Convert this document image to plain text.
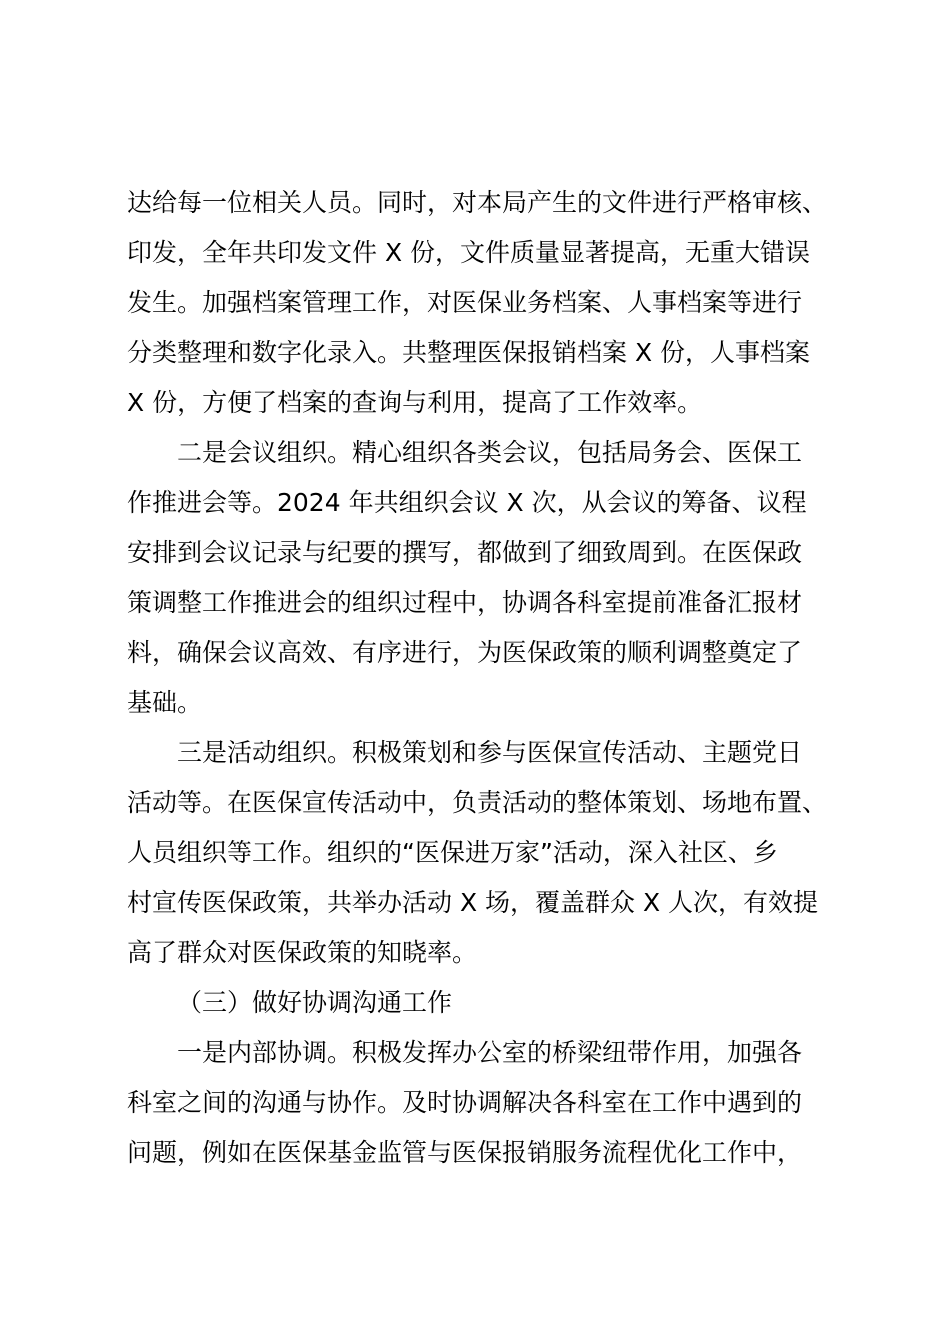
达给每一位相关人员。同时，对本局产生的文件进行严格审核、
印发，全年共印发文件 X 份，文件质量显著提高，无重大错误
发生。加强档案管理工作，对医保业务档案、人事档案等进行
分类整理和数字化录入。共整理医保报销档案 X 份，人事档案
X 份，方便了档案的查询与利用，提高了工作效率。
二是会议组织。精心组织各类会议，包括局务会、医保工
作推进会等。2024 年共组织会议 X 次，从会议的筹备、议程
安排到会议记录与纪要的撰写，都做到了细致周到。在医保政
策调整工作推进会的组织过程中，协调各科室提前准备汇报材
料，确保会议高效、有序进行，为医保政策的顺利调整奠定了
基础。
三是活动组织。积极策划和参与医保宣传活动、主题党日
活动等。在医保宣传活动中，负责活动的整体策划、场地布置、
人员组织等工作。组织的“医保进万家”活动，深入社区、乡
村宣传医保政策，共举办活动 X 场，覆盖群众 X 人次，有效提
高了群众对医保政策的知晓率。
（三）做好协调沟通工作
一是内部协调。积极发挥办公室的桥梁纽带作用，加强各
科室之间的沟通与协作。及时协调解决各科室在工作中遇到的
问题，例如在医保基金监管与医保报销服务流程优化工作中，
